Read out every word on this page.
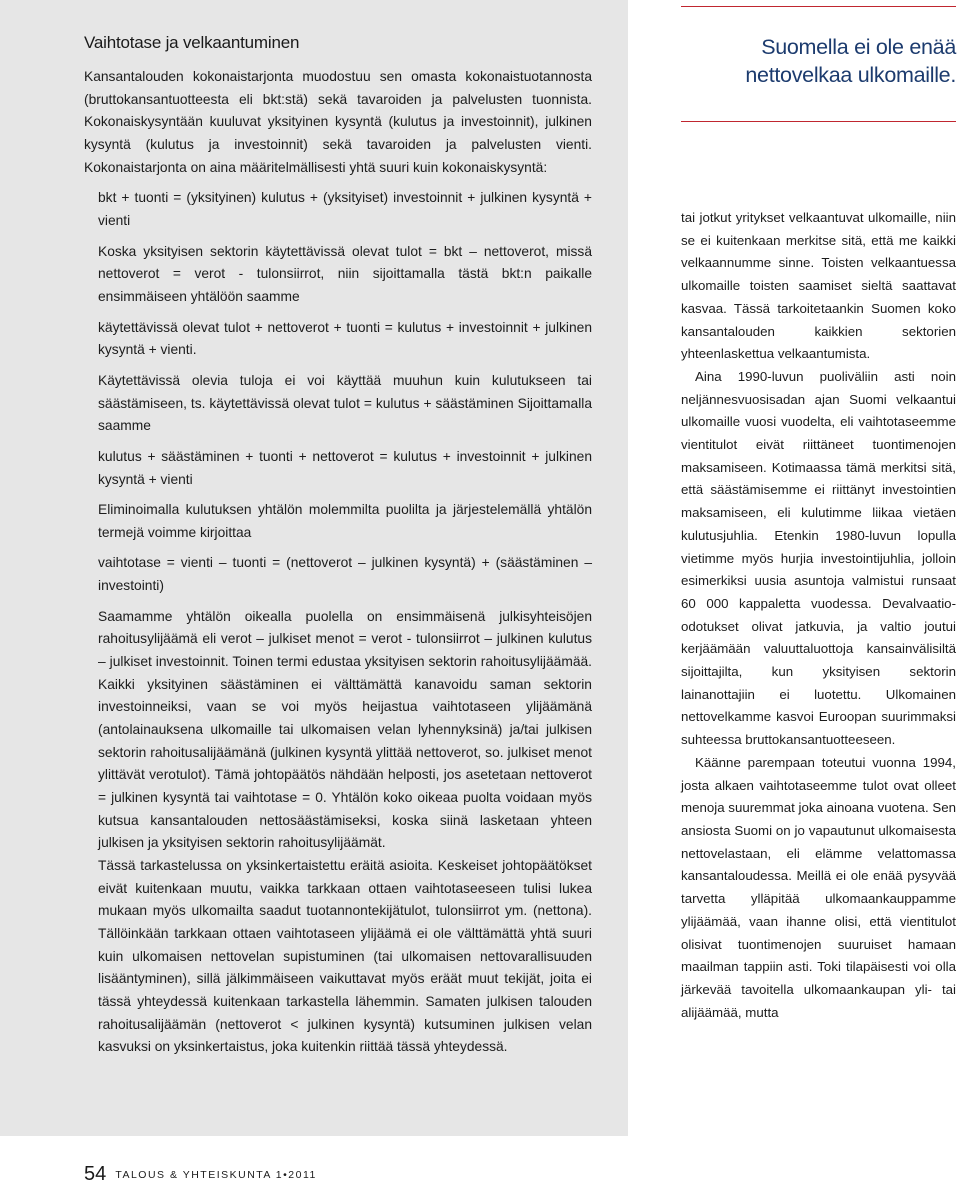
Vaihtotase ja velkaantuminen

Kansantalouden kokonaistarjonta muodostuu sen omasta kokonaistuotannosta (bruttokansantuotteesta eli bkt:stä) sekä tavaroiden ja palvelusten tuonnista. Kokonaiskysyntään kuuluvat yksityinen kysyntä (kulutus ja investoinnit), julkinen kysyntä (kulutus ja investoinnit) sekä tavaroiden ja palvelusten vienti. Kokonaistarjonta on aina määritelmällisesti yhtä suuri kuin kokonaiskysyntä:

bkt + tuonti = (yksityinen) kulutus + (yksityiset) investoinnit + julkinen kysyntä + vienti

Koska yksityisen sektorin käytettävissä olevat tulot = bkt – nettoverot, missä nettoverot = verot - tulonsiirrot, niin sijoittamalla tästä bkt:n paikalle ensimmäiseen yhtälöön saamme

käytettävissä olevat tulot + nettoverot + tuonti = kulutus + investoinnit + julkinen kysyntä + vienti.

Käytettävissä olevia tuloja ei voi käyttää muuhun kuin kulutukseen tai säästämiseen, ts. käytettävissä olevat tulot = kulutus + säästäminen Sijoittamalla saamme

kulutus + säästäminen + tuonti + nettoverot = kulutus + investoinnit + julkinen kysyntä + vienti

Eliminoimalla kulutuksen yhtälön molemmilta puolilta ja järjestelemällä yhtälön termejä voimme kirjoittaa

vaihtotase = vienti – tuonti = (nettoverot – julkinen kysyntä) + (säästäminen – investointi)

Saamamme yhtälön oikealla puolella on ensimmäisenä julkisyhteisöjen rahoitusylijäämä eli verot – julkiset menot = verot - tulonsiirrot – julkinen kulutus – julkiset investoinnit. Toinen termi edustaa yksityisen sektorin rahoitusylijäämää. Kaikki yksityinen säästäminen ei välttämättä kanavoidu saman sektorin investoinneiksi, vaan se voi myös heijastua vaihtotaseen ylijäämänä (antolainauksena ulkomaille tai ulkomaisen velan lyhennyksinä) ja/tai julkisen sektorin rahoitusalijäämänä (julkinen kysyntä ylittää nettoverot, so. julkiset menot ylittävät verotulot). Tämä johtopäätös nähdään helposti, jos asetetaan nettoverot = julkinen kysyntä tai vaihtotase = 0. Yhtälön koko oikeaa puolta voidaan myös kutsua kansantalouden nettosäästämiseksi, koska siinä lasketaan yhteen julkisen ja yksityisen sektorin rahoitusylijäämät.

Tässä tarkastelussa on yksinkertaistettu eräitä asioita. Keskeiset johtopäätökset eivät kuitenkaan muutu, vaikka tarkkaan ottaen vaihtotaseeseen tulisi lukea mukaan myös ulkomailta saadut tuotannontekijätulot, tulonsiirrot ym. (nettona). Tällöinkään tarkkaan ottaen vaihtotaseen ylijäämä ei ole välttämättä yhtä suuri kuin ulkomaisen nettovelan supistuminen (tai ulkomaisen nettovarallisuuden lisääntyminen), sillä jälkimmäiseen vaikuttavat myös eräät muut tekijät, joita ei tässä yhteydessä kuitenkaan tarkastella lähemmin. Samaten julkisen talouden rahoitusalijäämän (nettoverot < julkinen kysyntä) kutsuminen julkisen velan kasvuksi on yksinkertaistus, joka kuitenkin riittää tässä yhteydessä.

Suomella ei ole enää nettovelkaa ulkomaille.

tai jotkut yritykset velkaantuvat ulkomaille, niin se ei kuitenkaan merkitse sitä, että me kaikki velkaannumme sinne. Toisten velkaantuessa ulkomaille toisten saamiset sieltä saattavat kasvaa. Tässä tarkoitetaankin Suomen koko kansantalouden kaikkien sektorien yhteenlaskettua velkaantumista.

Aina 1990-luvun puoliväliin asti noin neljännesvuosisadan ajan Suomi velkaantui ulkomaille vuosi vuodelta, eli vaihtotaseemme vientitulot eivät riittäneet tuontimenojen maksamiseen. Kotimaassa tämä merkitsi sitä, että säästämisemme ei riittänyt investointien maksamiseen, eli kulutimme liikaa vietäen kulutusjuhlia. Etenkin 1980-luvun lopulla vietimme myös hurjia investointijuhlia, jolloin esimerkiksi uusia asuntoja valmistui runsaat 60 000 kappaletta vuodessa. Devalvaatio-odotukset olivat jatkuvia, ja valtio joutui kerjäämään valuuttaluottoja kansainvälisiltä sijoittajilta, kun yksityisen sektorin lainanottajiin ei luotettu. Ulkomainen nettovelkamme kasvoi Euroopan suurimmaksi suhteessa bruttokansantuotteeseen.

Käänne parempaan toteutui vuonna 1994, josta alkaen vaihtotaseemme tulot ovat olleet menoja suuremmat joka ainoana vuotena. Sen ansiosta Suomi on jo vapautunut ulkomaisesta nettovelastaan, eli elämme velattomassa kansantaloudessa. Meillä ei ole enää pysyvää tarvetta ylläpitää ulkomaankauppamme ylijäämää, vaan ihanne olisi, että vientitulot olisivat tuontimenojen suuruiset hamaan maailman tappiin asti. Toki tilapäisesti voi olla järkevää tavoitella ulkomaankaupan yli- tai alijäämää, mutta

54 TALOUS & YHTEISKUNTA 1•2011
